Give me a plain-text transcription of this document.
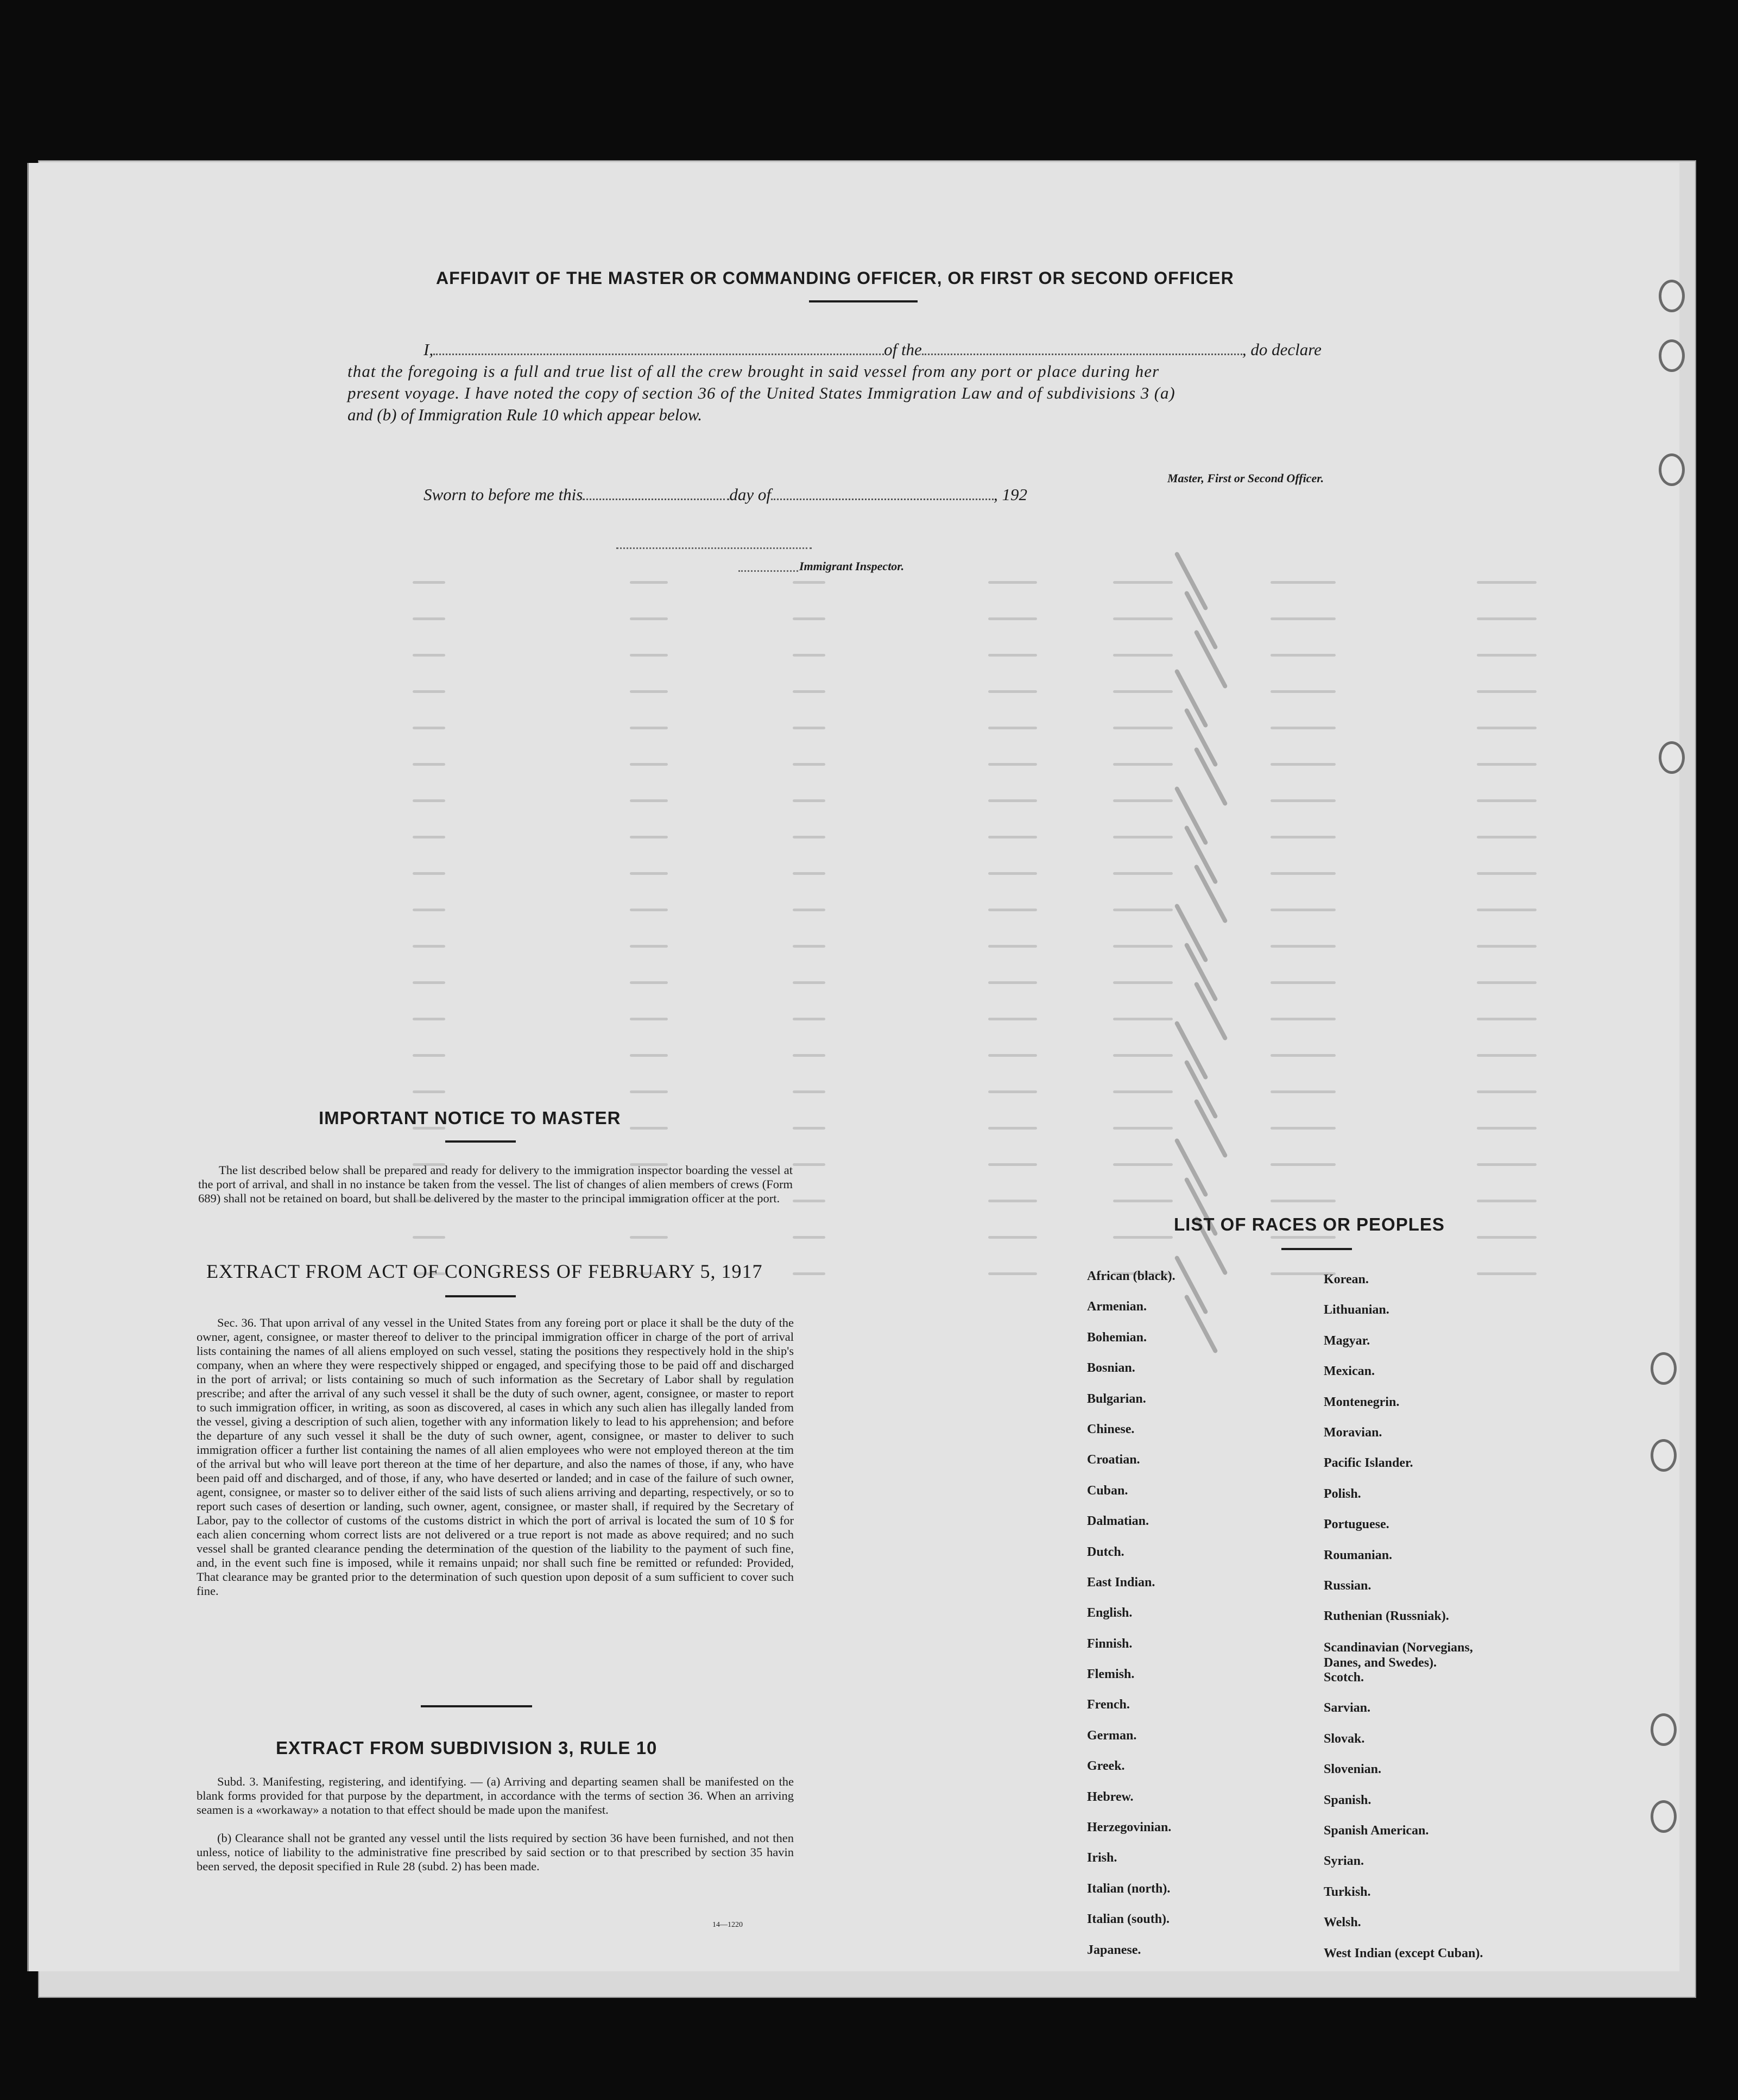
AFFIDAVIT OF THE MASTER OR COMMANDING OFFICER, OR FIRST OR SECOND OFFICER
I,	of the	, do declare
that the foregoing is a full and true list of all the crew brought in said vessel from any port or place during her
present voyage. I have noted the copy of section 36 of the United States Immigration Law and of subdivisions 3 (a)
and (b) of Immigration Rule 10 which appear below.
Master, First or Second Officer.
Sworn to before me this	day of	, 192
Immigrant Inspector.
IMPORTANT NOTICE TO MASTER
The list described below shall be prepared and ready for delivery to the immigration inspector boarding the vessel at the port of arrival, and shall in no instance be taken from the vessel. The list of changes of alien members of crews (Form 689) shall not be retained on board, but shall be delivered by the master to the principal immigration officer at the port.
EXTRACT FROM ACT OF CONGRESS OF FEBRUARY 5, 1917
Sec. 36. That upon arrival of any vessel in the United States from any foreing port or place it shall be the duty of the owner, agent, consignee, or master thereof to deliver to the principal immigration officer in charge of the port of arrival lists containing the names of all aliens employed on such vessel, stating the positions they respectively hold in the ship's company, when an where they were respectively shipped or engaged, and specifying those to be paid off and discharged in the port of arrival; or lists containing so much of such information as the Secretary of Labor shall by regulation prescribe; and after the arrival of any such vessel it shall be the duty of such owner, agent, consignee, or master to report to such immigration officer, in writing, as soon as discovered, al cases in which any such alien has illegally landed from the vessel, giving a description of such alien, together with any information likely to lead to his apprehension; and before the departure of any such vessel it shall be the duty of such owner, agent, consignee, or master to deliver to such immigration officer a further list containing the names of all alien employees who were not employed thereon at the tim of the arrival but who will leave port thereon at the time of her departure, and also the names of those, if any, who have been paid off and discharged, and of those, if any, who have deserted or landed; and in case of the failure of such owner, agent, consignee, or master so to deliver either of the said lists of such aliens arriving and departing, respectively, or so to report such cases of desertion or landing, such owner, agent, consignee, or master shall, if required by the Secretary of Labor, pay to the collector of customs of the customs district in which the port of arrival is located the sum of 10 $ for each alien concerning whom correct lists are not delivered or a true report is not made as above required; and no such vessel shall be granted clearance pending the determination of the question of the liability to the payment of such fine, and, in the event such fine is imposed, while it remains unpaid; nor shall such fine be remitted or refunded: Provided, That clearance may be granted prior to the determination of such question upon deposit of a sum sufficient to cover such fine.
EXTRACT FROM SUBDIVISION 3, RULE 10
Subd. 3. Manifesting, registering, and identifying. — (a) Arriving and departing seamen shall be manifested on the blank forms provided for that purpose by the department, in accordance with the terms of section 36. When an arriving seamen is a «workaway» a notation to that effect should be made upon the manifest.
(b) Clearance shall not be granted any vessel until the lists required by section 36 have been furnished, and not then unless, notice of liability to the administrative fine prescribed by said section or to that prescribed by section 35 havin been served, the deposit specified in Rule 28 (subd. 2) has been made.
14—1220
LIST OF RACES OR PEOPLES
African (black).
Armenian.
Bohemian.
Bosnian.
Bulgarian.
Chinese.
Croatian.
Cuban.
Dalmatian.
Dutch.
East Indian.
English.
Finnish.
Flemish.
French.
German.
Greek.
Hebrew.
Herzegovinian.
Irish.
Italian (north).
Italian (south).
Japanese.
Korean.
Lithuanian.
Magyar.
Mexican.
Montenegrin.
Moravian.
Pacific Islander.
Polish.
Portuguese.
Roumanian.
Russian.
Ruthenian (Russniak).
Scandinavian (Norvegians, Danes, and Swedes).
Scotch.
Sarvian.
Slovak.
Slovenian.
Spanish.
Spanish American.
Syrian.
Turkish.
Welsh.
West Indian (except Cuban).
